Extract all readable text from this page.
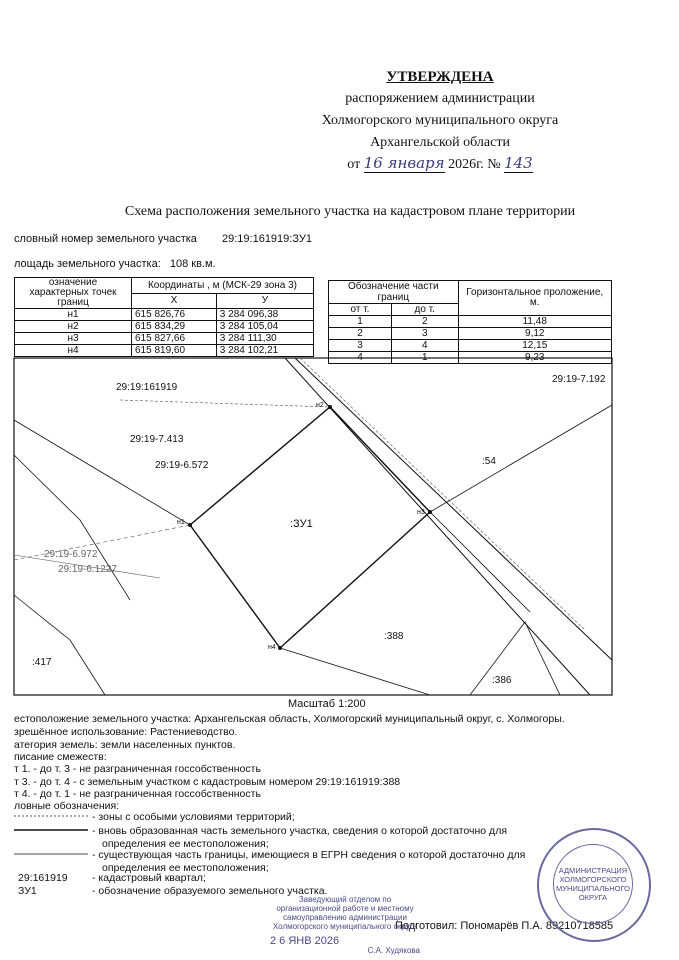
УТВЕРЖДЕНА
распоряжением администрации
Холмогорского муниципального округа
Архангельской области
от 16 января 2026г. № 143
Схема расположения земельного участка на кадастровом плане территории
словный номер земельного участка 29:19:161919:ЗУ1
лощадь земельного участка: 108 кв.м.
означение характерных точек границ	Координаты , м (МСК-29 зона 3)	
	Х	У
н1	615 826,76	3 284 096,38
н2	615 834,29	3 284 105,04
н3	615 827,66	3 284 111,30
н4	615 819,60	3 284 102,21
Обозначение части границ		Горизонтальное проложение, м.
от т.	до т.	
1	2	11,48
2	3	9,12
3	4	12,15
4	1	9,23
29:19:161919
29:19-7.192
29:19-7.413
29:19-6.572	:54
:ЗУ1
29:19-6.972
29:19-6.1227
:388
:417
:386
н1
н2
н3
н4
Масштаб 1:200
естоположение земельного участка: Архангельская область, Холмогорский муниципальный округ, с. Холмогоры.
зрешённое использование: Растениеводство.
атегория земель: земли населенных пунктов.
писание смежеств:
т 1. - до т. 3 - не разграниченная госсобственность
т 3. - до т. 4 - с земельным участком с кадастровым номером 29:19:161919:388
т 4. - до т. 1 - не разграниченная госсобственность
ловные обозначения:
- зоны с особыми условиями территорий;
- вновь образованная часть земельного участка, сведения о которой достаточно для
определения ее местоположения;
- существующая часть границы, имеющиеся в ЕГРН сведения о которой достаточно для
определения ее местоположения;
29:161919 - кадастровый квартал;
ЗУ1	- обозначение образуемого земельного участка.
Подготовил: Пономарёв П.А. 89210718585
Заведующий отделом по организационной работе и местному самоуправлению администрации Холмогорского муниципального округа
2 6 ЯНВ 2026
С.А. Худякова
АДМИНИСТРАЦИЯ ХОЛМОГОРСКОГО МУНИЦИПАЛЬНОГО ОКРУГА
